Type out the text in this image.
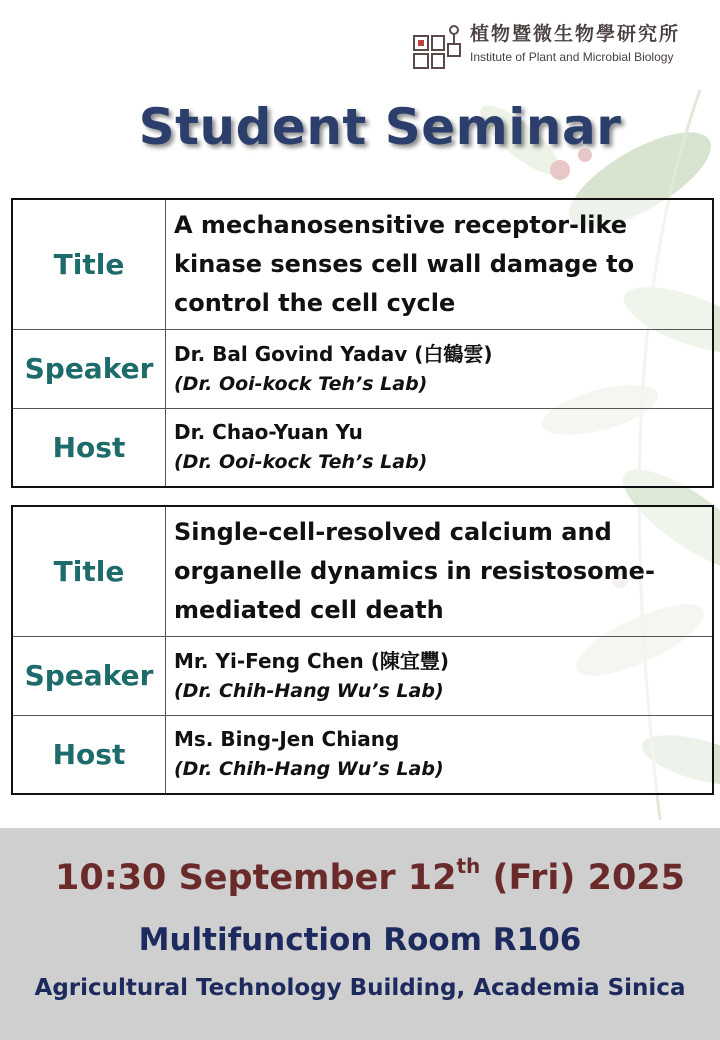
植物暨微生物學研究所
Institute of Plant and Microbial Biology
Student Seminar
Title	A mechanosensitive receptor-like kinase senses cell wall damage to control the cell cycle

Speaker	Dr. Bal Govind Yadav (白鶴雲)
(Dr. Ooi-kock Teh’s Lab)

Host	Dr. Chao-Yuan Yu
(Dr. Ooi-kock Teh’s Lab)
Title	Single-cell-resolved calcium and organelle dynamics in resistosome-mediated cell death

Speaker	Mr. Yi-Feng Chen (陳宜豐)
(Dr. Chih-Hang Wu’s Lab)

Host	Ms. Bing-Jen Chiang
(Dr. Chih-Hang Wu’s Lab)
10:30 September 12th (Fri) 2025
Multifunction Room R106
Agricultural Technology Building, Academia Sinica
